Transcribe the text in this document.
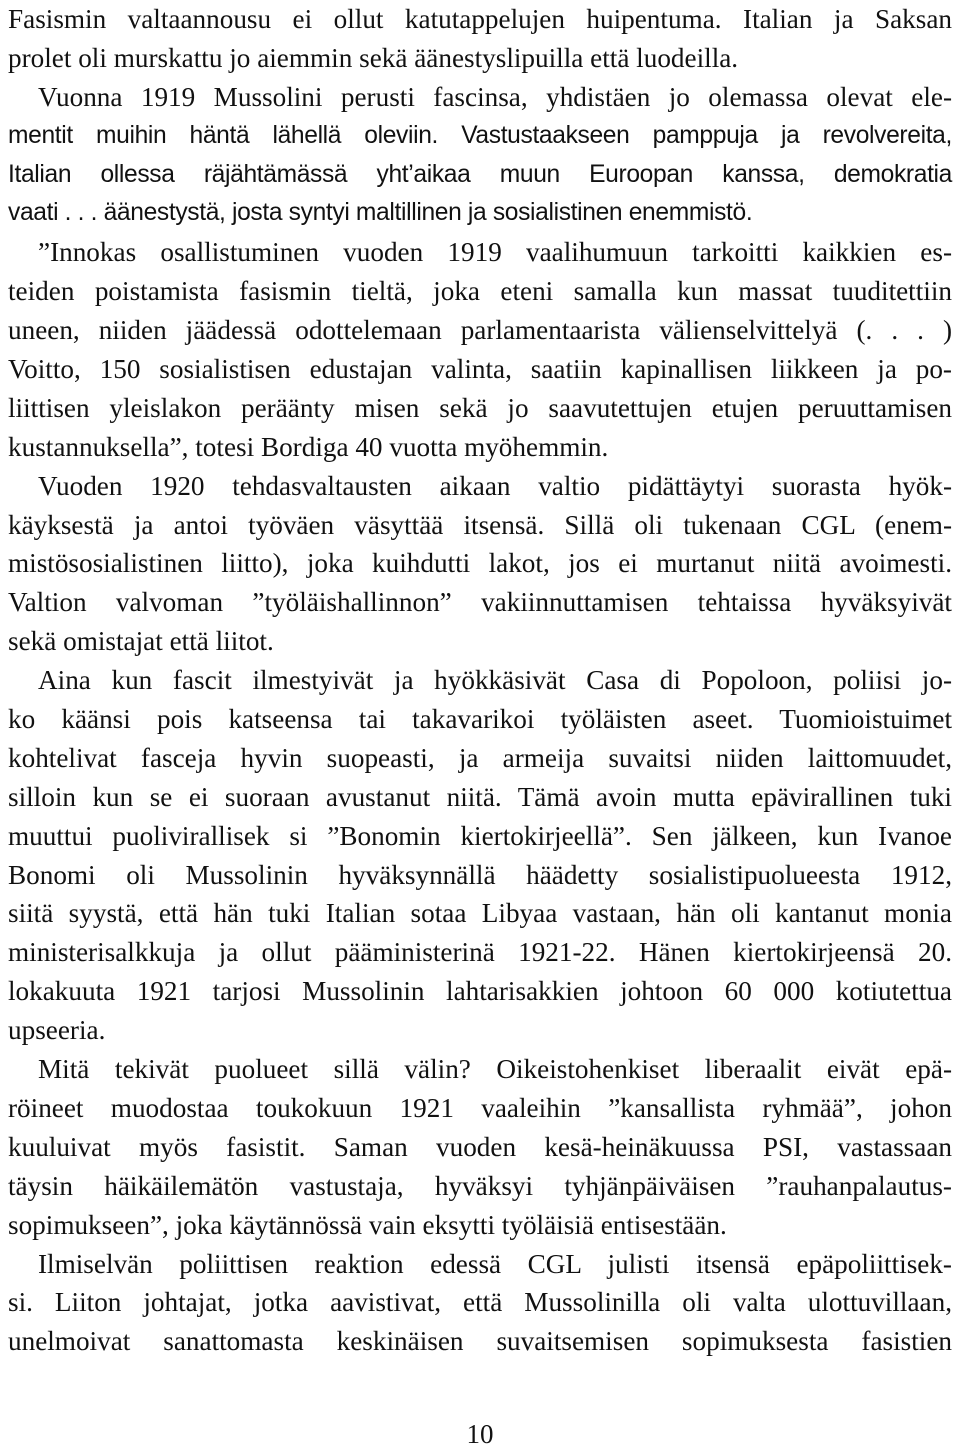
Fasismin valtaannousu ei ollut katutappelujen huipentuma. Italian ja Saksan
prolet oli murskattu jo aiemmin sekä äänestyslipuilla että luodeilla.
Vuonna 1919 Mussolini perusti fascinsa, yhdistäen jo olemassa olevat ele-
mentit muihin häntä lähellä oleviin. Vastustaakseen pamppuja ja revolvereita,
Italian ollessa räjähtämässä yht’aikaa muun Euroopan kanssa, demokratia
vaati . . . äänestystä, josta syntyi maltillinen ja sosialistinen enemmistö.
”Innokas osallistuminen vuoden 1919 vaalihumuun tarkoitti kaikkien es-
teiden poistamista fasismin tieltä, joka eteni samalla kun massat tuuditettiin
uneen, niiden jäädessä odottelemaan parlamentaarista välienselvittelyä (. . . )
Voitto, 150 sosialistisen edustajan valinta, saatiin kapinallisen liikkeen ja po-
liittisen yleislakon peräänty misen sekä jo saavutettujen etujen peruuttamisen
kustannuksella”, totesi Bordiga 40 vuotta myöhemmin.
Vuoden 1920 tehdasvaltausten aikaan valtio pidättäytyi suorasta hyök-
käyksestä ja antoi työväen väsyttää itsensä. Sillä oli tukenaan CGL (enem-
mistösosialistinen liitto), joka kuihdutti lakot, jos ei murtanut niitä avoimesti.
Valtion valvoman ”työläishallinnon” vakiinnuttamisen tehtaissa hyväksyivät
sekä omistajat että liitot.
Aina kun fascit ilmestyivät ja hyökkäsivät Casa di Popoloon, poliisi jo-
ko käänsi pois katseensa tai takavarikoi työläisten aseet. Tuomioistuimet
kohtelivat fasceja hyvin suopeasti, ja armeija suvaitsi niiden laittomuudet,
silloin kun se ei suoraan avustanut niitä. Tämä avoin mutta epävirallinen tuki
muuttui puolivirallisek si ”Bonomin kiertokirjeellä”. Sen jälkeen, kun Ivanoe
Bonomi oli Mussolinin hyväksynnällä häädetty sosialistipuolueesta 1912,
siitä syystä, että hän tuki Italian sotaa Libyaa vastaan, hän oli kantanut monia
ministerisalkkuja ja ollut pääministerinä 1921-22. Hänen kiertokirjeensä 20.
lokakuuta 1921 tarjosi Mussolinin lahtarisakkien johtoon 60 000 kotiutettua
upseeria.
Mitä tekivät puolueet sillä välin? Oikeistohenkiset liberaalit eivät epä-
röineet muodostaa toukokuun 1921 vaaleihin ”kansallista ryhmää”, johon
kuuluivat myös fasistit. Saman vuoden kesä-heinäkuussa PSI, vastassaan
täysin häikäilemätön vastustaja, hyväksyi tyhjänpäiväisen ”rauhanpalautus-
sopimukseen”, joka käytännössä vain eksytti työläisiä entisestään.
Ilmiselvän poliittisen reaktion edessä CGL julisti itsensä epäpoliittisek-
si. Liiton johtajat, jotka aavistivat, että Mussolinilla oli valta ulottuvillaan,
unelmoivat sanattomasta keskinäisen suvaitsemisen sopimuksesta fasistien
10
